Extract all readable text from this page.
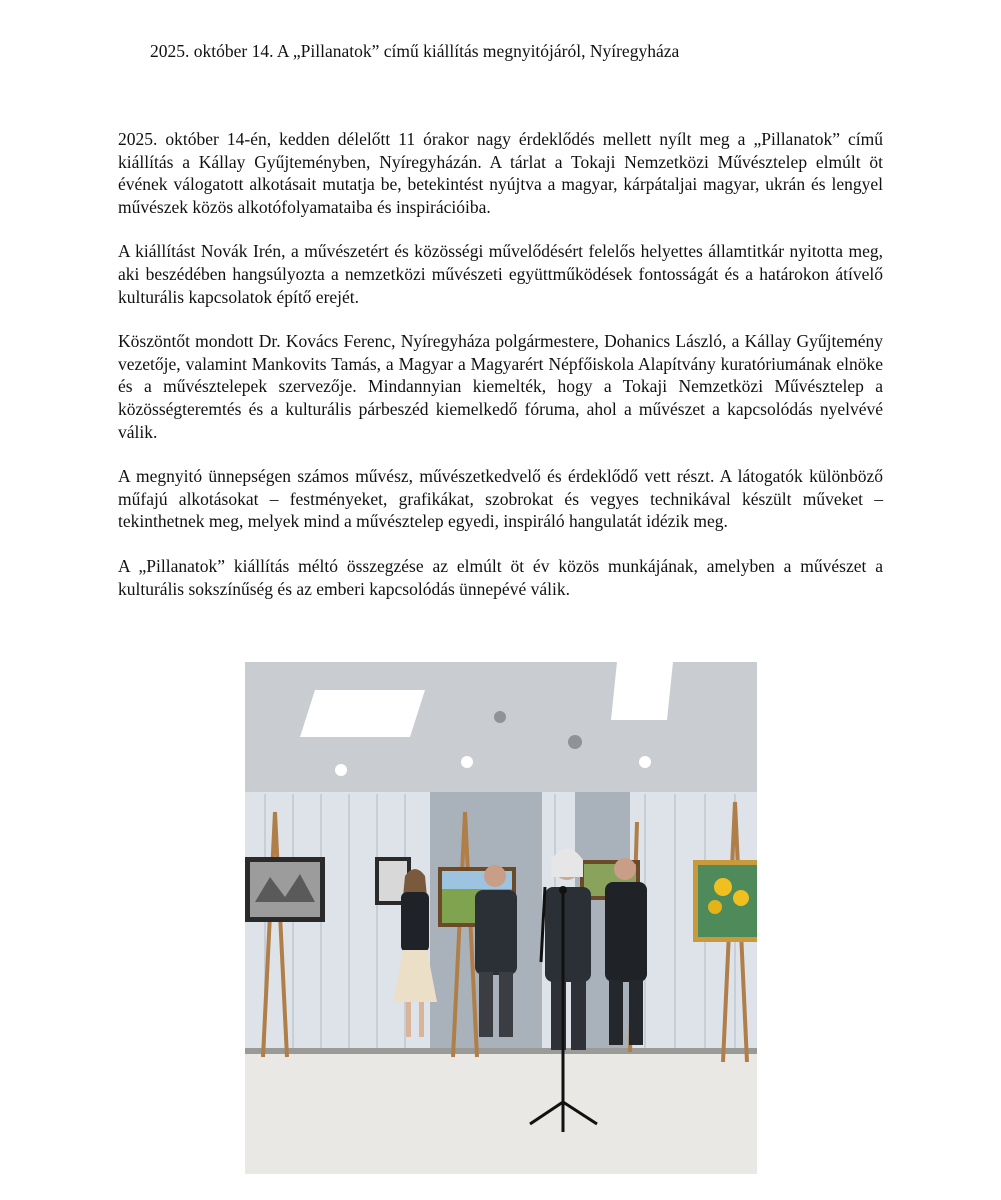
2025. október 14. A „Pillanatok” című kiállítás megnyitójáról, Nyíregyháza

2025. október 14-én, kedden délelőtt 11 órakor nagy érdeklődés mellett nyílt meg a „Pillanatok” című kiállítás a Kállay Gyűjteményben, Nyíregyházán. A tárlat a Tokaji Nemzetközi Művésztelep elmúlt öt évének válogatott alkotásait mutatja be, betekintést nyújtva a magyar, kárpátaljai magyar, ukrán és lengyel művészek közös alkotófolyamataiba és inspirációiba.

A kiállítást Novák Irén, a művészetért és közösségi művelődésért felelős helyettes államtitkár nyitotta meg, aki beszédében hangsúlyozta a nemzetközi művészeti együttműködések fontosságát és a határokon átívelő kulturális kapcsolatok építő erejét.

Köszöntőt mondott Dr. Kovács Ferenc, Nyíregyháza polgármestere, Dohanics László, a Kállay Gyűjtemény vezetője, valamint Mankovits Tamás, a Magyar a Magyarért Népfőiskola Alapítvány kuratóriumának elnöke és a művésztelepek szervezője. Mindannyian kiemelték, hogy a Tokaji Nemzetközi Művésztelep a közösségteremtés és a kulturális párbeszéd kiemelkedő fóruma, ahol a művészet a kapcsolódás nyelvévé válik.

A megnyitó ünnepségen számos művész, művészetkedvelő és érdeklődő vett részt. A látogatók különböző műfajú alkotásokat – festményeket, grafikákat, szobrokat és vegyes technikával készült műveket – tekinthetnek meg, melyek mind a művésztelep egyedi, inspiráló hangulatát idézik meg.

A „Pillanatok” kiállítás méltó összegzése az elmúlt öt év közös munkájának, amelyben a művészet a kulturális sokszínűség és az emberi kapcsolódás ünnepévé válik.
